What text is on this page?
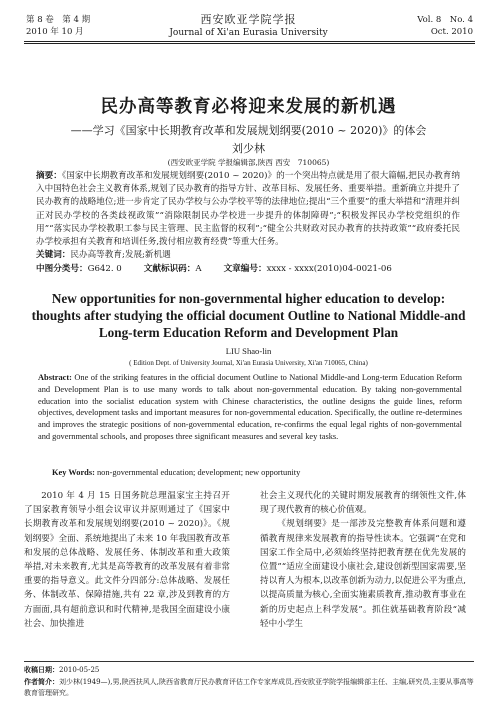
第 8 卷　第 4 期
2010 年 10 月
西安欧亚学院学报
Journal of Xi'an Eurasia University
Vol. 8　No. 4
Oct. 2010
民办高等教育必将迎来发展的新机遇
——学习《国家中长期教育改革和发展规划纲要(2010 ~ 2020)》的体会
刘少林
(西安欧亚学院 学报编辑部,陕西 西安　710065)
摘要：《国家中长期教育改革和发展规划纲要(2010 ~ 2020)》的一个突出特点就是用了很大篇幅,把民办教育纳入中国特色社会主义教育体系,规划了民办教育的指导方针、改革目标、发展任务、重要举措。重新确立并提升了民办教育的战略地位;进一步肯定了民办学校与公办学校平等的法律地位;提出“三个重要”的重大举措和“清理并纠正对民办学校的各类歧视政策”“消除限制民办学校进一步提升的体制障碍”;“积极发挥民办学校党组织的作用”“落实民办学校教职工参与民主管理、民主监督的权利”;“健全公共财政对民办教育的扶持政策”“政府委托民办学校承担有关教育和培训任务,拨付相应教育经费”等重大任务。
关键词：民办高等教育;发展;新机遇
中图分类号：G642. 0	文献标识码：A	文章编号：xxxx - xxxx(2010)04-0021-06
New opportunities for non-governmental higher education to develop: thoughts after studying the official document Outline to National Middle-and Long-term Education Reform and Development Plan
LIU Shao-lin
( Edition Dept. of University Journal, Xi'an Eurasia University, Xi'an 710065, China)
Abstract: One of the striking features in the official document Outline to National Middle-and Long-term Education Reform and Development Plan is to use many words to talk about non-governmental education. By taking non-governmental education into the socialist education system with Chinese characteristics, the outline designs the guide lines, reform objectives, development tasks and important measures for non-governmental education. Specifically, the outline re-determines and improves the strategic positions of non-governmental education, re-confirms the equal legal rights of non-governmental and governmental schools, and proposes three significant measures and several key tasks.
Key Words: non-governmental education; development; new opportunity

2010 年 4 月 15 日国务院总理温家宝主持召开了国家教育领导小组会议审议并原则通过了《国家中长期教育改革和发展规划纲要(2010 ~ 2020)》。《规划纲要》全面、系统地提出了未来 10 年我国教育改革和发展的总体战略、发展任务、体制改革和重大政策举措,对未来教育,尤其是高等教育的改革发展有着非常重要的指导意义。此文件分四部分:总体战略、发展任务、体制改革、保障措施,共有 22 章,涉及到教育的方方面面,具有超前意识和时代精神,是我国全面建设小康社会、加快推进

社会主义现代化的关键时期发展教育的纲领性文件,体现了现代教育的核心价值观。

《规划纲要》是一部涉及完整教育体系问题和遵循教育规律来发展教育的指导性读本。它强调“在党和国家工作全局中,必须始终坚持把教育摆在优先发展的位置”“适应全面建设小康社会,建设创新型国家需要,坚持以育人为根本,以改革创新为动力,以促进公平为重点,以提高质量为核心,全面实施素质教育,推动教育事业在新的历史起点上科学发展”。抓住就基础教育阶段“减轻中小学生

收稿日期：2010-05-25
作者简介：刘少林(1949—),男,陕西扶风人,陕西省教育厅民办教育评估工作专家库成员,西安欧亚学院学报编辑部主任、主编,研究员,主要从事高等教育管理研究。
